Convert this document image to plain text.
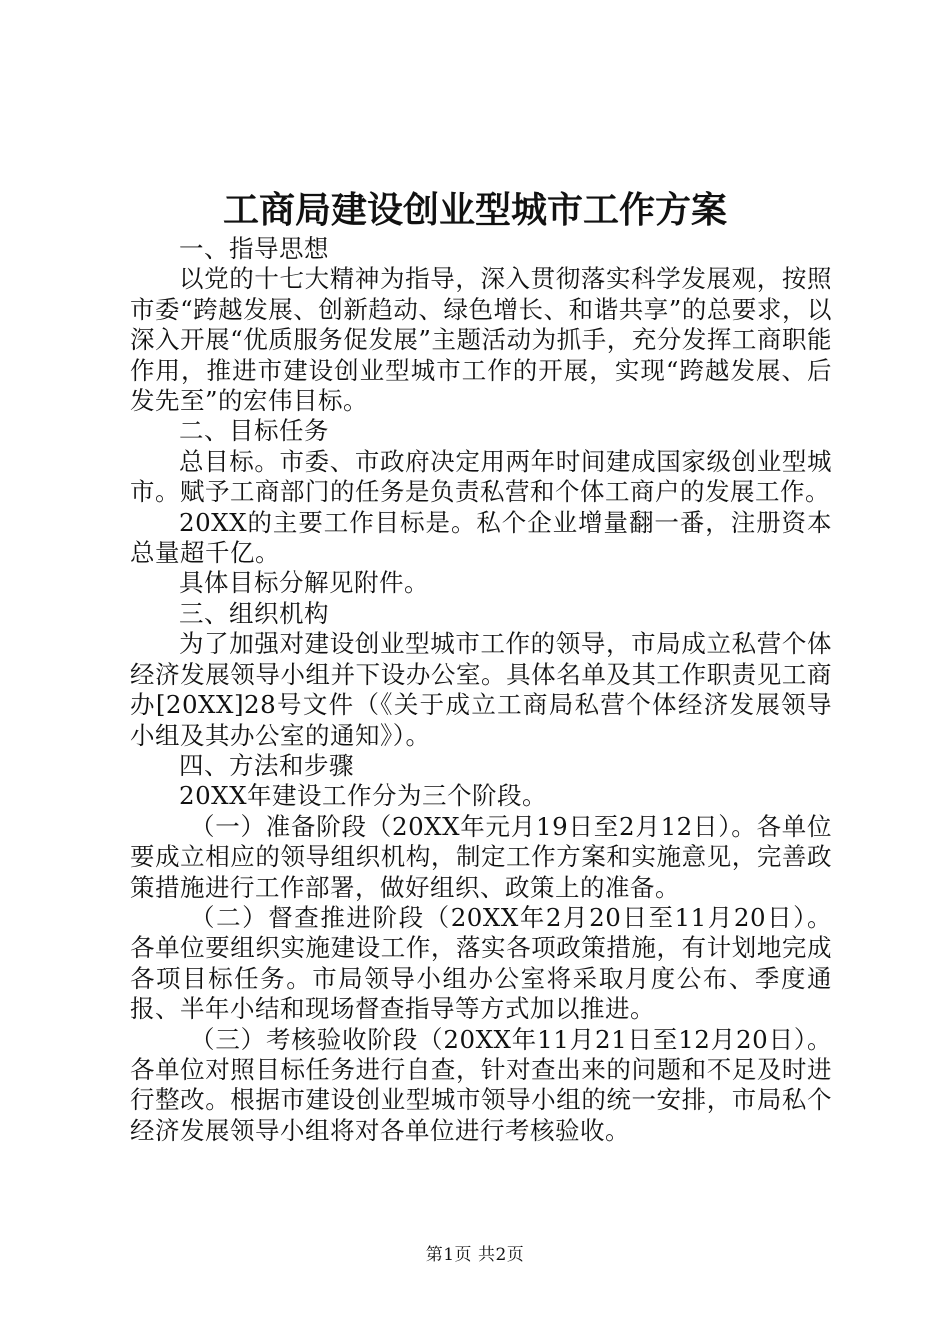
工商局建设创业型城市工作方案

一、指导思想

以党的十七大精神为指导，深入贯彻落实科学发展观，按照市委“跨越发展、创新趋动、绿色增长、和谐共享”的总要求，以深入开展“优质服务促发展”主题活动为抓手，充分发挥工商职能作用，推进市建设创业型城市工作的开展，实现“跨越发展、后发先至”的宏伟目标。

二、目标任务

总目标。市委、市政府决定用两年时间建成国家级创业型城市。赋予工商部门的任务是负责私营和个体工商户的发展工作。

20XX的主要工作目标是。私个企业增量翻一番，注册资本总量超千亿。

具体目标分解见附件。

三、组织机构

为了加强对建设创业型城市工作的领导，市局成立私营个体经济发展领导小组并下设办公室。具体名单及其工作职责见工商办[20XX]28号文件（《关于成立工商局私营个体经济发展领导小组及其办公室的通知》）。

四、方法和步骤

20XX年建设工作分为三个阶段。

（一）准备阶段（20XX年元月19日至2月12日）。各单位要成立相应的领导组织机构，制定工作方案和实施意见，完善政策措施进行工作部署，做好组织、政策上的准备。

（二）督查推进阶段（20XX年2月20日至11月20日）。各单位要组织实施建设工作，落实各项政策措施，有计划地完成各项目标任务。市局领导小组办公室将采取月度公布、季度通报、半年小结和现场督查指导等方式加以推进。

（三）考核验收阶段（20XX年11月21日至12月20日）。各单位对照目标任务进行自查，针对查出来的问题和不足及时进行整改。根据市建设创业型城市领导小组的统一安排，市局私个经济发展领导小组将对各单位进行考核验收。

第1页 共2页
